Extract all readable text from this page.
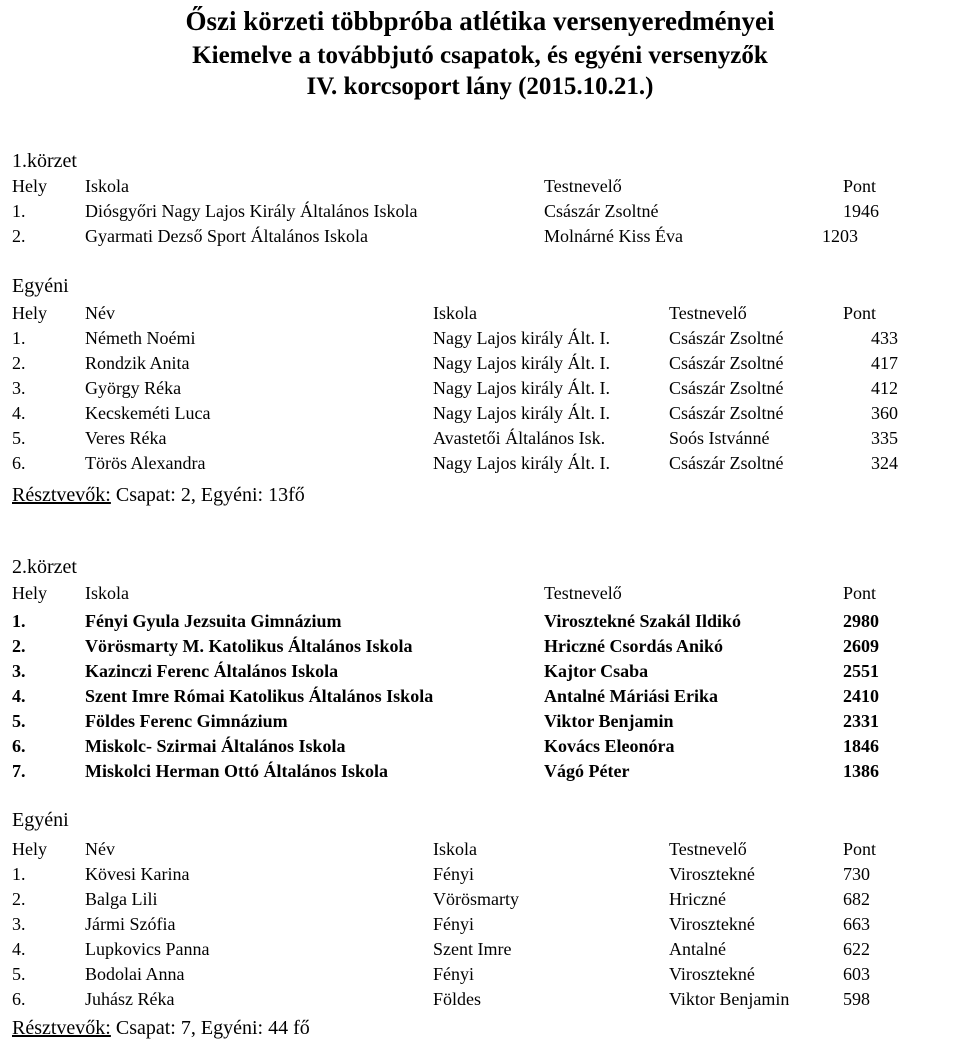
Őszi körzeti többpróba atlétika versenyeredményei
Kiemelve a továbbjutó csapatok, és egyéni versenyzők
IV. korcsoport lány (2015.10.21.)
1.körzet
Hely Iskola	Testnevelő	Pont
1.	Diósgyőri Nagy Lajos Király Általános Iskola	Császár Zsoltné	1946
2.	Gyarmati Dezső Sport Általános Iskola	Molnárné Kiss Éva	1203
Egyéni
Hely Név	Iskola	Testnevelő	Pont
1.	Németh Noémi	Nagy Lajos király Ált. I.	Császár Zsoltné	433
2.	Rondzik Anita	Nagy Lajos király Ált. I.	Császár Zsoltné	417
3.	György Réka	Nagy Lajos király Ált. I.	Császár Zsoltné	412
4.	Kecskeméti Luca	Nagy Lajos király Ált. I.	Császár Zsoltné	360
5.	Veres Réka	Avastetői Általános Isk.	Soós Istvánné	335
6.	Törös Alexandra	Nagy Lajos király Ált. I.	Császár Zsoltné	324
Résztvevők: Csapat: 2, Egyéni: 13fő
2.körzet
Hely Iskola	Testnevelő	Pont
1.	Fényi Gyula Jezsuita Gimnázium	Virosztekné Szakál Ildikó	2980
2.	Vörösmarty M. Katolikus Általános Iskola	Hriczné Csordás Anikó	2609
3.	Kazinczi Ferenc Általános Iskola	Kajtor Csaba	2551
4.	Szent Imre Római Katolikus Általános Iskola	Antalné Máriási Erika	2410
5.	Földes Ferenc Gimnázium	Viktor Benjamin	2331
6.	Miskolc- Szirmai Általános Iskola	Kovács Eleonóra	1846
7.	Miskolci Herman Ottó Általános Iskola	Vágó Péter	1386
Egyéni
Hely Név	Iskola	Testnevelő	Pont
1.	Kövesi Karina	Fényi	Virosztekné	730
2.	Balga Lili	Vörösmarty	Hriczné	682
3.	Jármi Szófia	Fényi	Virosztekné	663
4.	Lupkovics Panna	Szent Imre	Antalné	622
5.	Bodolai Anna	Fényi	Virosztekné	603
6.	Juhász Réka	Földes	Viktor Benjamin	598
Résztvevők: Csapat: 7, Egyéni: 44 fő
